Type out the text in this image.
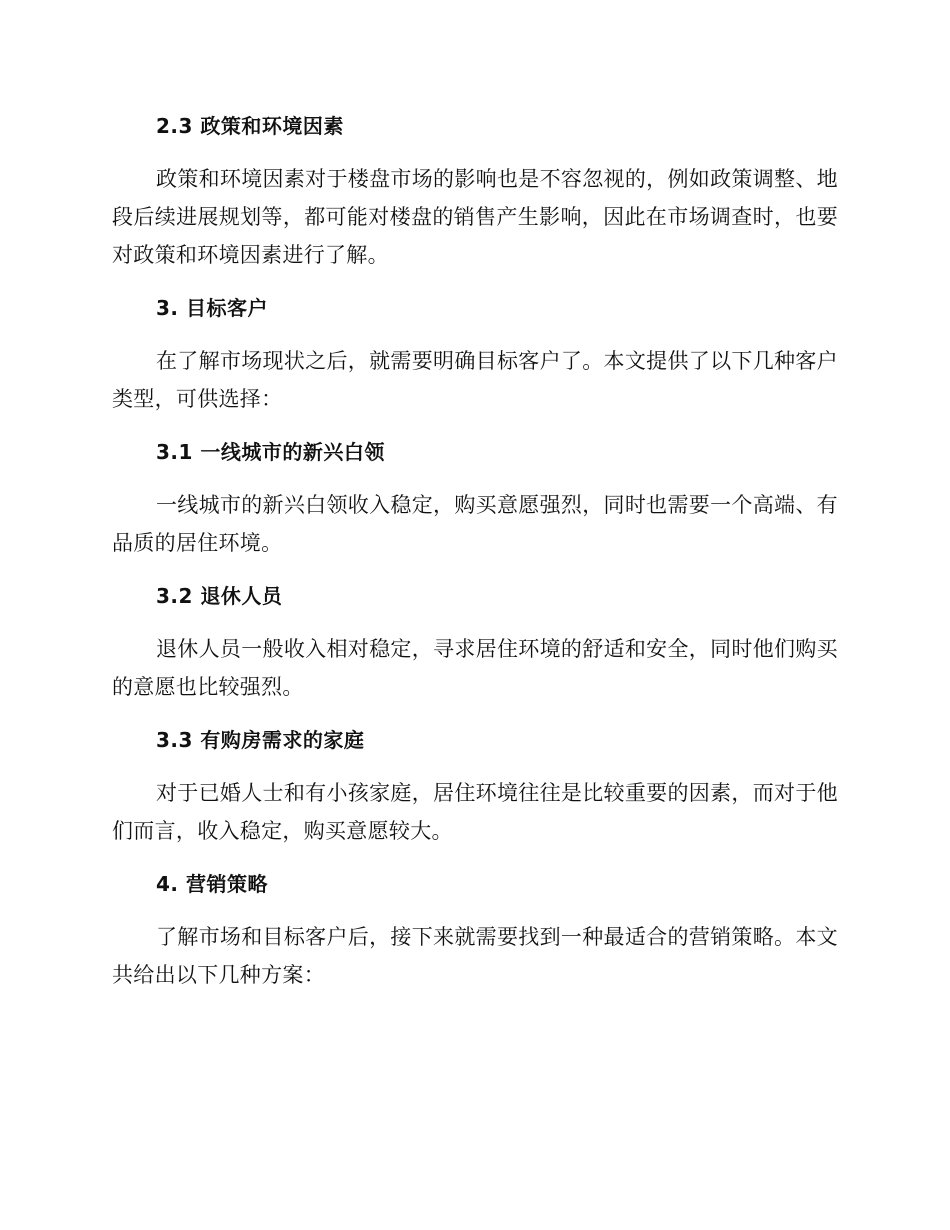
2.3 政策和环境因素
政策和环境因素对于楼盘市场的影响也是不容忽视的，例如政策调整、地段后续进展规划等，都可能对楼盘的销售产生影响，因此在市场调查时，也要对政策和环境因素进行了解。
3. 目标客户
在了解市场现状之后，就需要明确目标客户了。本文提供了以下几种客户类型，可供选择：
3.1 一线城市的新兴白领
一线城市的新兴白领收入稳定，购买意愿强烈，同时也需要一个高端、有品质的居住环境。
3.2 退休人员
退休人员一般收入相对稳定，寻求居住环境的舒适和安全，同时他们购买的意愿也比较强烈。
3.3 有购房需求的家庭
对于已婚人士和有小孩家庭，居住环境往往是比较重要的因素，而对于他们而言，收入稳定，购买意愿较大。
4. 营销策略
了解市场和目标客户后，接下来就需要找到一种最适合的营销策略。本文共给出以下几种方案：
